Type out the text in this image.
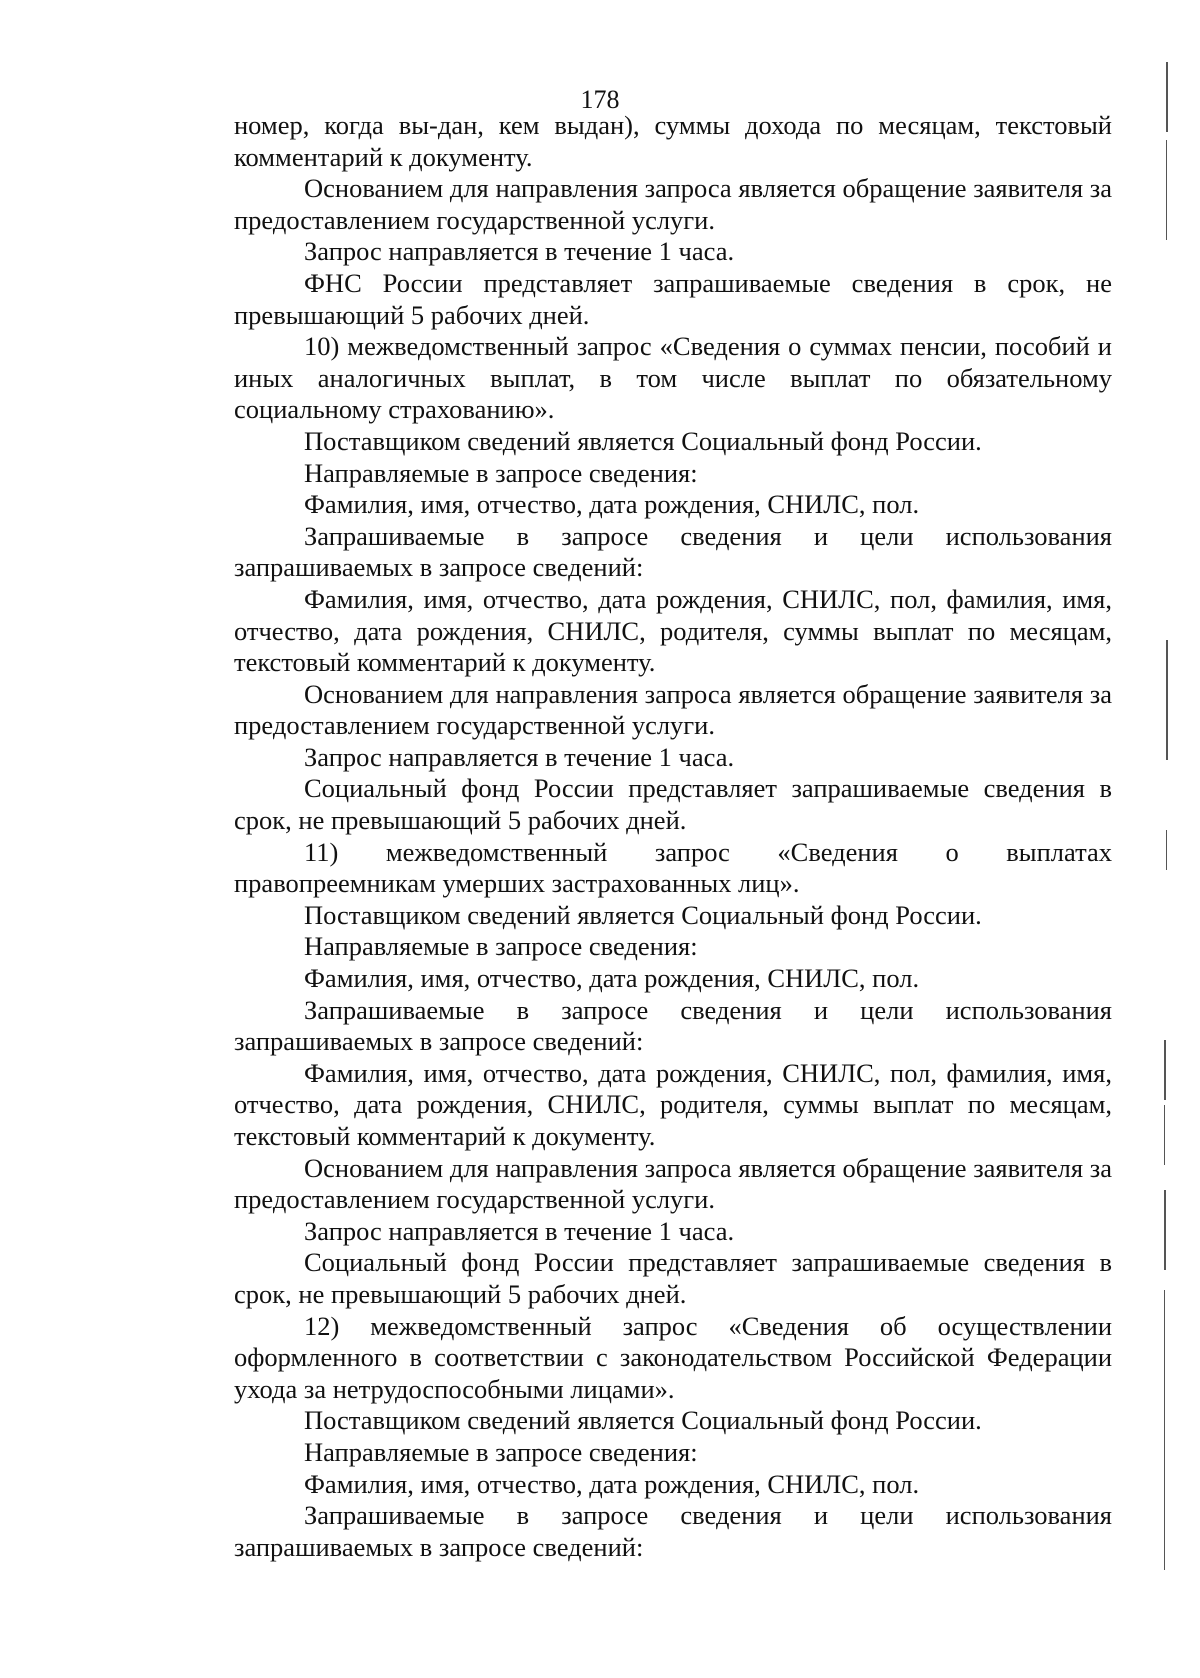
178

номер, когда вы-дан, кем выдан), суммы дохода по месяцам, текстовый комментарий к документу.

Основанием для направления запроса является обращение заявителя за предоставлением государственной услуги.

Запрос направляется в течение 1 часа.

ФНС России представляет запрашиваемые сведения в срок, не превышающий 5 рабочих дней.

10) межведомственный запрос «Сведения о суммах пенсии, пособий и иных аналогичных выплат, в том числе выплат по обязательному социальному страхованию».

Поставщиком сведений является Социальный фонд России.

Направляемые в запросе сведения:

Фамилия, имя, отчество, дата рождения, СНИЛС, пол.

Запрашиваемые в запросе сведения и цели использования запрашиваемых в запросе сведений:

Фамилия, имя, отчество, дата рождения, СНИЛС, пол, фамилия, имя, отчество, дата рождения, СНИЛС, родителя, суммы выплат по месяцам, текстовый комментарий к документу.

Основанием для направления запроса является обращение заявителя за предоставлением государственной услуги.

Запрос направляется в течение 1 часа.

Социальный фонд России представляет запрашиваемые сведения в срок, не превышающий 5 рабочих дней.

11) межведомственный запрос «Сведения о выплатах правопреемникам умерших застрахованных лиц».

Поставщиком сведений является Социальный фонд России.

Направляемые в запросе сведения:

Фамилия, имя, отчество, дата рождения, СНИЛС, пол.

Запрашиваемые в запросе сведения и цели использования запрашиваемых в запросе сведений:

Фамилия, имя, отчество, дата рождения, СНИЛС, пол, фамилия, имя, отчество, дата рождения, СНИЛС, родителя, суммы выплат по месяцам, текстовый комментарий к документу.

Основанием для направления запроса является обращение заявителя за предоставлением государственной услуги.

Запрос направляется в течение 1 часа.

Социальный фонд России представляет запрашиваемые сведения в срок, не превышающий 5 рабочих дней.

12) межведомственный запрос «Сведения об осуществлении оформленного в соответствии с законодательством Российской Федерации ухода за нетрудоспособными лицами».

Поставщиком сведений является Социальный фонд России.

Направляемые в запросе сведения:

Фамилия, имя, отчество, дата рождения, СНИЛС, пол.

Запрашиваемые в запросе сведения и цели использования запрашиваемых в запросе сведений:
